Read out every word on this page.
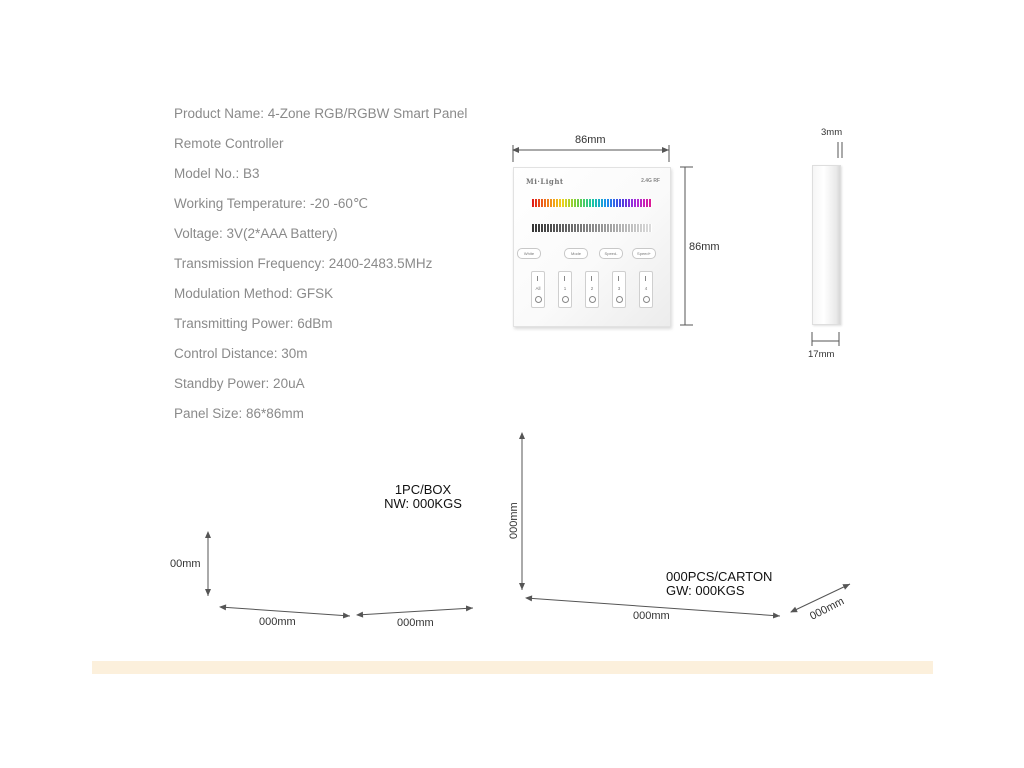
Product Name: 4-Zone RGB/RGBW Smart Panel
Remote Controller
Model No.: B3
Working Temperature: -20 -60℃
Voltage: 3V(2*AAA Battery)
Transmission Frequency: 2400-2483.5MHz
Modulation Method: GFSK
Transmitting Power: 6dBm
Control Distance: 30m
Standby Power: 20uA
Panel Size: 86*86mm
Mi·Light	2.4G RF
White	Mode	Speed-	Speed+
All	1	2	3	4
86mm
86mm
3mm
17mm
1PC/BOX
NW: 000KGS
00mm
000mm	000mm
000mm
000PCS/CARTON
GW: 000KGS
000mm	000mm
